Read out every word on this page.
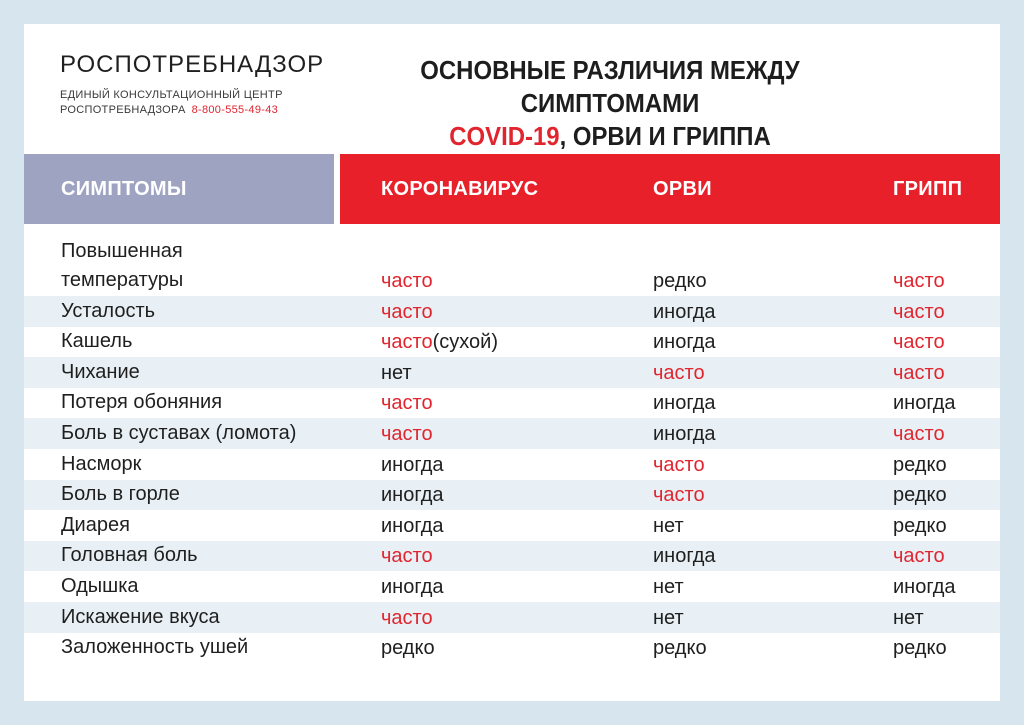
РОСПОТРЕБНАДЗОР
ЕДИНЫЙ КОНСУЛЬТАЦИОННЫЙ ЦЕНТР
РОСПОТРЕБНАДЗОРА 8-800-555-49-43
ОСНОВНЫЕ РАЗЛИЧИЯ МЕЖДУ СИМПТОМАМИ
COVID-19, ОРВИ И ГРИППА
СИМПТОМЫ	КОРОНАВИРУС	ОРВИ	ГРИПП
Повышенная
температуры	часто	редко	часто
Усталость	часто	иногда	часто
Кашель	часто(сухой)	иногда	часто
Чихание	нет	часто	часто
Потеря обоняния	часто	иногда	иногда
Боль в суставах (ломота)	часто	иногда	часто
Насморк	иногда	часто	редко
Боль в горле	иногда	часто	редко
Диарея	иногда	нет	редко
Головная боль	часто	иногда	часто
Одышка	иногда	нет	иногда
Искажение вкуса	часто	нет	нет
Заложенность ушей	редко	редко	редко
